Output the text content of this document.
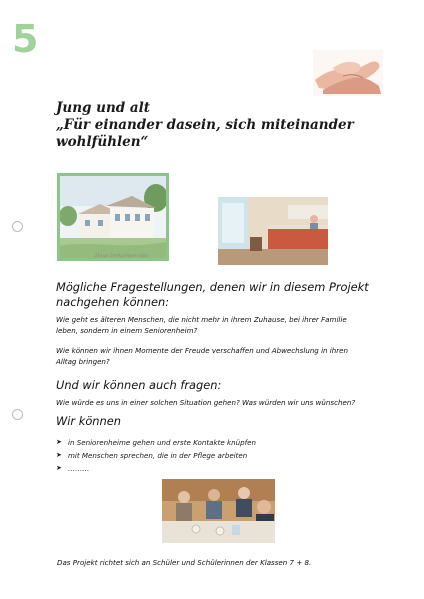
5
Jung und alt
„Für einander dasein, sich miteinander
wohlfühlen“
Haus Ortkampstraße
Mögliche Fragestellungen, denen wir in diesem Projekt
nachgehen können:
Wie geht es älteren Menschen, die nicht mehr in ihrem Zuhause, bei ihrer Familie
leben, sondern in einem Seniorenheim?
Wie können wir ihnen Momente der Freude verschaffen und Abwechslung in ihren
Alltag bringen?
Und wir können auch fragen:
Wie würde es uns in einer solchen Situation gehen? Was würden wir uns wünschen?
Wir können
➤ in Seniorenheime gehen und erste Kontakte knüpfen
➤ mit Menschen sprechen, die in der Pflege arbeiten
➤ ………
Das Projekt richtet sich an Schüler und Schülerinnen der Klassen 7 + 8.
